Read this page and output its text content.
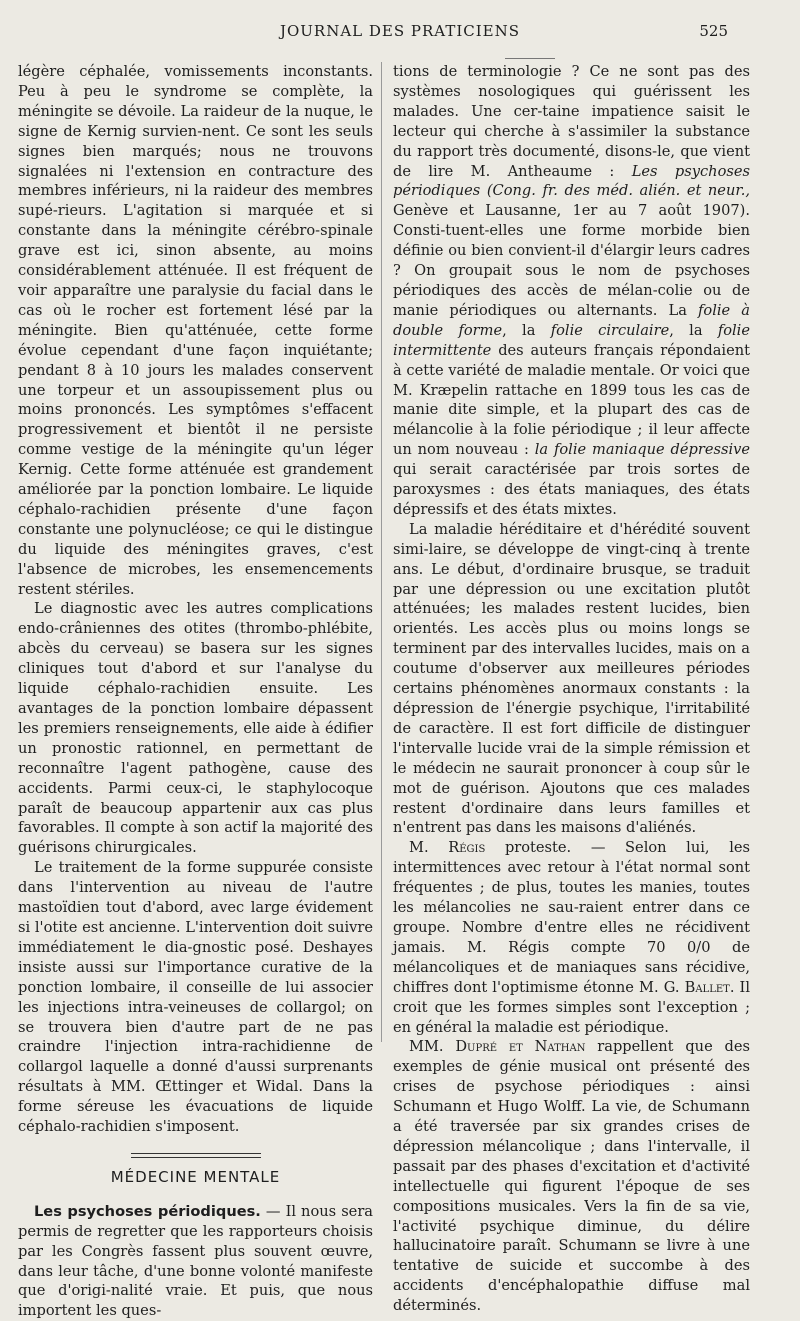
JOURNAL DES PRATICIENS	525

légère céphalée, vomissements inconstants. Peu à peu le syndrome se complète, la méningite se dévoile. La raideur de la nuque, le signe de Kernig survien-nent. Ce sont les seuls signes bien marqués; nous ne trouvons signalées ni l'extension en contracture des membres inférieurs, ni la raideur des membres supé-rieurs. L'agitation si marquée et si constante dans la méningite cérébro-spinale grave est ici, sinon absente, au moins considérablement atténuée. Il est fréquent de voir apparaître une paralysie du facial dans le cas où le rocher est fortement lésé par la méningite. Bien qu'atténuée, cette forme évolue cependant d'une façon inquiétante; pendant 8 à 10 jours les malades conservent une torpeur et un assoupissement plus ou moins prononcés. Les symptômes s'effacent progressivement et bientôt il ne persiste comme vestige de la méningite qu'un léger Kernig. Cette forme atténuée est grandement améliorée par la ponction lombaire. Le liquide céphalo-rachidien présente d'une façon constante une polynucléose; ce qui le distingue du liquide des méningites graves, c'est l'absence de microbes, les ensemencements restent stériles.

Le diagnostic avec les autres complications endo-crâniennes des otites (thrombo-phlébite, abcès du cerveau) se basera sur les signes cliniques tout d'abord et sur l'analyse du liquide céphalo-rachidien ensuite. Les avantages de la ponction lombaire dépassent les premiers renseignements, elle aide à édifier un pronostic rationnel, en permettant de reconnaître l'agent pathogène, cause des accidents. Parmi ceux-ci, le staphylocoque paraît de beaucoup appartenir aux cas plus favorables. Il compte à son actif la majorité des guérisons chirurgicales.

Le traitement de la forme suppurée consiste dans l'intervention au niveau de l'autre mastoïdien tout d'abord, avec large évidement si l'otite est ancienne. L'intervention doit suivre immédiatement le dia-gnostic posé. Deshayes insiste aussi sur l'importance curative de la ponction lombaire, il conseille de lui associer les injections intra-veineuses de collargol; on se trouvera bien d'autre part de ne pas craindre l'injection intra-rachidienne de collargol laquelle a donné d'aussi surprenants résultats à MM. Œttinger et Widal. Dans la forme séreuse les évacuations de liquide céphalo-rachidien s'imposent.

MÉDECINE MENTALE

Les psychoses périodiques. — Il nous sera permis de regretter que les rapporteurs choisis par les Congrès fassent plus souvent œuvre, dans leur tâche, d'une bonne volonté manifeste que d'origi-nalité vraie. Et puis, que nous importent les ques-

tions de terminologie ? Ce ne sont pas des systèmes nosologiques qui guérissent les malades. Une cer-taine impatience saisit le lecteur qui cherche à s'assimiler la substance du rapport très documenté, disons-le, que vient de lire M. Antheaume : Les psychoses périodiques (Cong. fr. des méd. alién. et neur., Genève et Lausanne, 1er au 7 août 1907). Consti-tuent-elles une forme morbide bien définie ou bien convient-il d'élargir leurs cadres ? On groupait sous le nom de psychoses périodiques des accès de mélan-colie ou de manie périodiques ou alternants. La folie à double forme, la folie circulaire, la folie intermittente des auteurs français répondaient à cette variété de maladie mentale. Or voici que M. Kræpelin rattache en 1899 tous les cas de manie dite simple, et la plupart des cas de mélancolie à la folie périodique ; il leur affecte un nom nouveau : la folie maniaque dépressive qui serait caractérisée par trois sortes de paroxysmes : des états maniaques, des états dépressifs et des états mixtes.

La maladie héréditaire et d'hérédité souvent simi-laire, se développe de vingt-cinq à trente ans. Le début, d'ordinaire brusque, se traduit par une dépression ou une excitation plutôt atténuées; les malades restent lucides, bien orientés. Les accès plus ou moins longs se terminent par des intervalles lucides, mais on a coutume d'observer aux meilleures périodes certains phénomènes anormaux constants : la dépression de l'énergie psychique, l'irritabilité de caractère. Il est fort difficile de distinguer l'intervalle lucide vrai de la simple rémission et le médecin ne saurait prononcer à coup sûr le mot de guérison. Ajoutons que ces malades restent d'ordinaire dans leurs familles et n'entrent pas dans les maisons d'aliénés.

M. Régis proteste. — Selon lui, les intermittences avec retour à l'état normal sont fréquentes ; de plus, toutes les manies, toutes les mélancolies ne sau-raient entrer dans ce groupe. Nombre d'entre elles ne récidivent jamais. M. Régis compte 70 0/0 de mélancoliques et de maniaques sans récidive, chiffres dont l'optimisme étonne M. G. Ballet. Il croit que les formes simples sont l'exception ; en général la maladie est périodique.

MM. Dupré et Nathan rappellent que des exemples de génie musical ont présenté des crises de psychose périodiques : ainsi Schumann et Hugo Wolff. La vie, de Schumann a été traversée par six grandes crises de dépression mélancolique ; dans l'intervalle, il passait par des phases d'excitation et d'activité intellectuelle qui figurent l'époque de ses compositions musicales. Vers la fin de sa vie, l'activité psychique diminue, du délire hallucinatoire paraît. Schumann se livre à une tentative de suicide et succombe à des accidents d'encéphalopathie diffuse mal déterminés.
